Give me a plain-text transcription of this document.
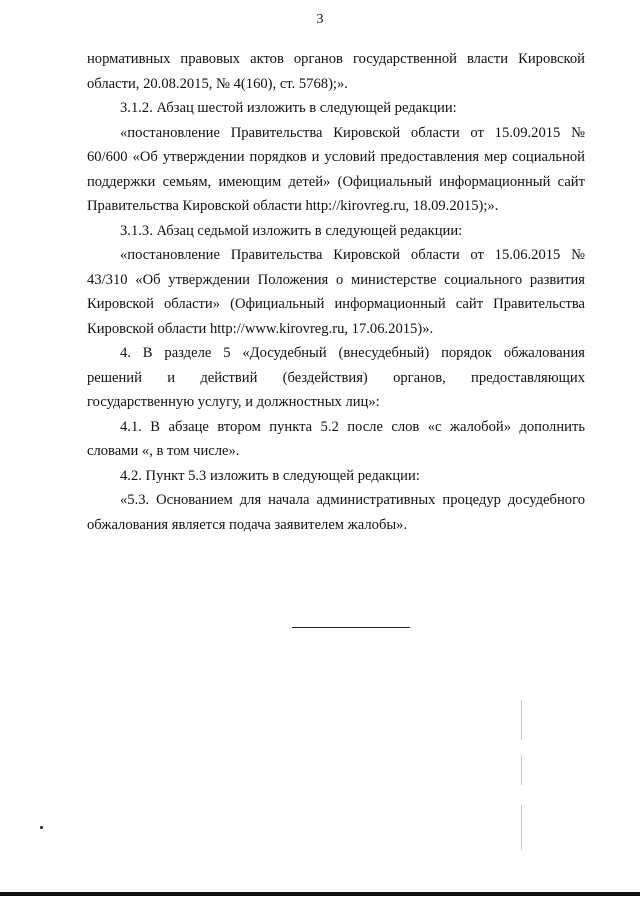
3

нормативных правовых актов органов государственной власти Кировской области, 20.08.2015, № 4(160), ст. 5768);».

3.1.2. Абзац шестой изложить в следующей редакции:

«постановление Правительства Кировской области от 15.09.2015 № 60/600 «Об утверждении порядков и условий предоставления мер социальной поддержки семьям, имеющим детей» (Официальный информационный сайт Правительства Кировской области http://kirovreg.ru, 18.09.2015);».

3.1.3. Абзац седьмой изложить в следующей редакции:

«постановление Правительства Кировской области от 15.06.2015 № 43/310 «Об утверждении Положения о министерстве социального развития Кировской области» (Официальный информационный сайт Правительства Кировской области http://www.kirovreg.ru, 17.06.2015)».

4. В разделе 5 «Досудебный (внесудебный) порядок обжалования решений и действий (бездействия) органов, предоставляющих государственную услугу, и должностных лиц»:

4.1. В абзаце втором пункта 5.2 после слов «с жалобой» дополнить словами «, в том числе».

4.2. Пункт 5.3 изложить в следующей редакции:

«5.3. Основанием для начала административных процедур досудебного обжалования является подача заявителем жалобы».
